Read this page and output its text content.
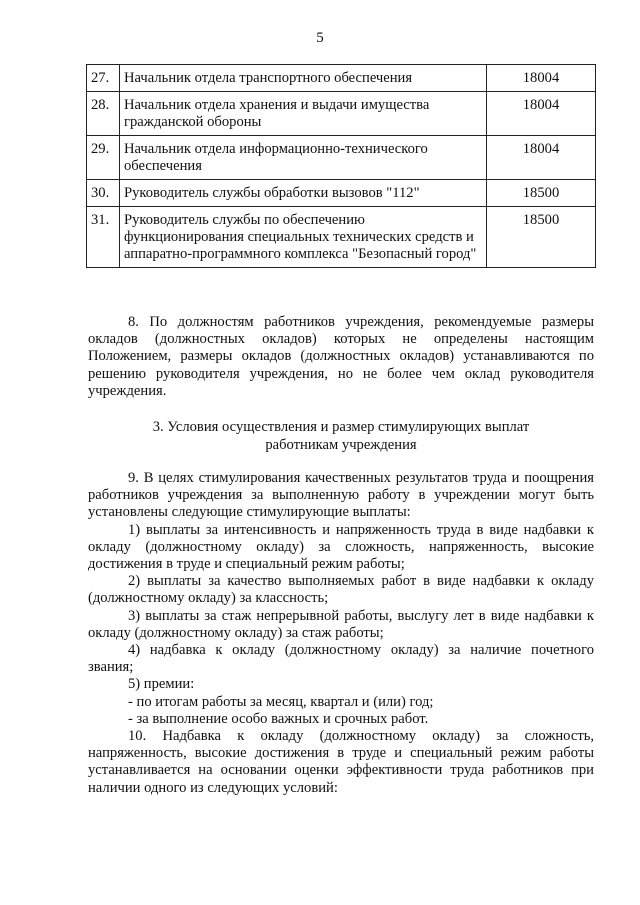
5
27.	Начальник отдела транспортного обеспечения	18004
28.	Начальник отдела хранения и выдачи имущества гражданской обороны	18004
29.	Начальник отдела информационно-технического обеспечения	18004
30.	Руководитель службы обработки вызовов "112"	18500
31.	Руководитель службы по обеспечению функционирования специальных технических средств и аппаратно-программного комплекса "Безопасный город"	18500

8. По должностям работников учреждения, рекомендуемые размеры окладов (должностных окладов) которых не определены настоящим Положением, размеры окладов (должностных окладов) устанавливаются по решению руководителя учреждения, но не более чем оклад руководителя учреждения.

3. Условия осуществления и размер стимулирующих выплат
работникам учреждения

9. В целях стимулирования качественных результатов труда и поощрения работников учреждения за выполненную работу в учреждении могут быть установлены следующие стимулирующие выплаты:

1) выплаты за интенсивность и напряженность труда в виде надбавки к окладу (должностному окладу) за сложность, напряженность, высокие достижения в труде и специальный режим работы;

2) выплаты за качество выполняемых работ в виде надбавки к окладу (должностному окладу) за классность;

3) выплаты за стаж непрерывной работы, выслугу лет в виде надбавки к окладу (должностному окладу) за стаж работы;

4) надбавка к окладу (должностному окладу) за наличие почетного звания;

5) премии:

- по итогам работы за месяц, квартал и (или) год;

- за выполнение особо важных и срочных работ.

10. Надбавка к окладу (должностному окладу) за сложность, напряженность, высокие достижения в труде и специальный режим работы устанавливается на основании оценки эффективности труда работников при наличии одного из следующих условий:
